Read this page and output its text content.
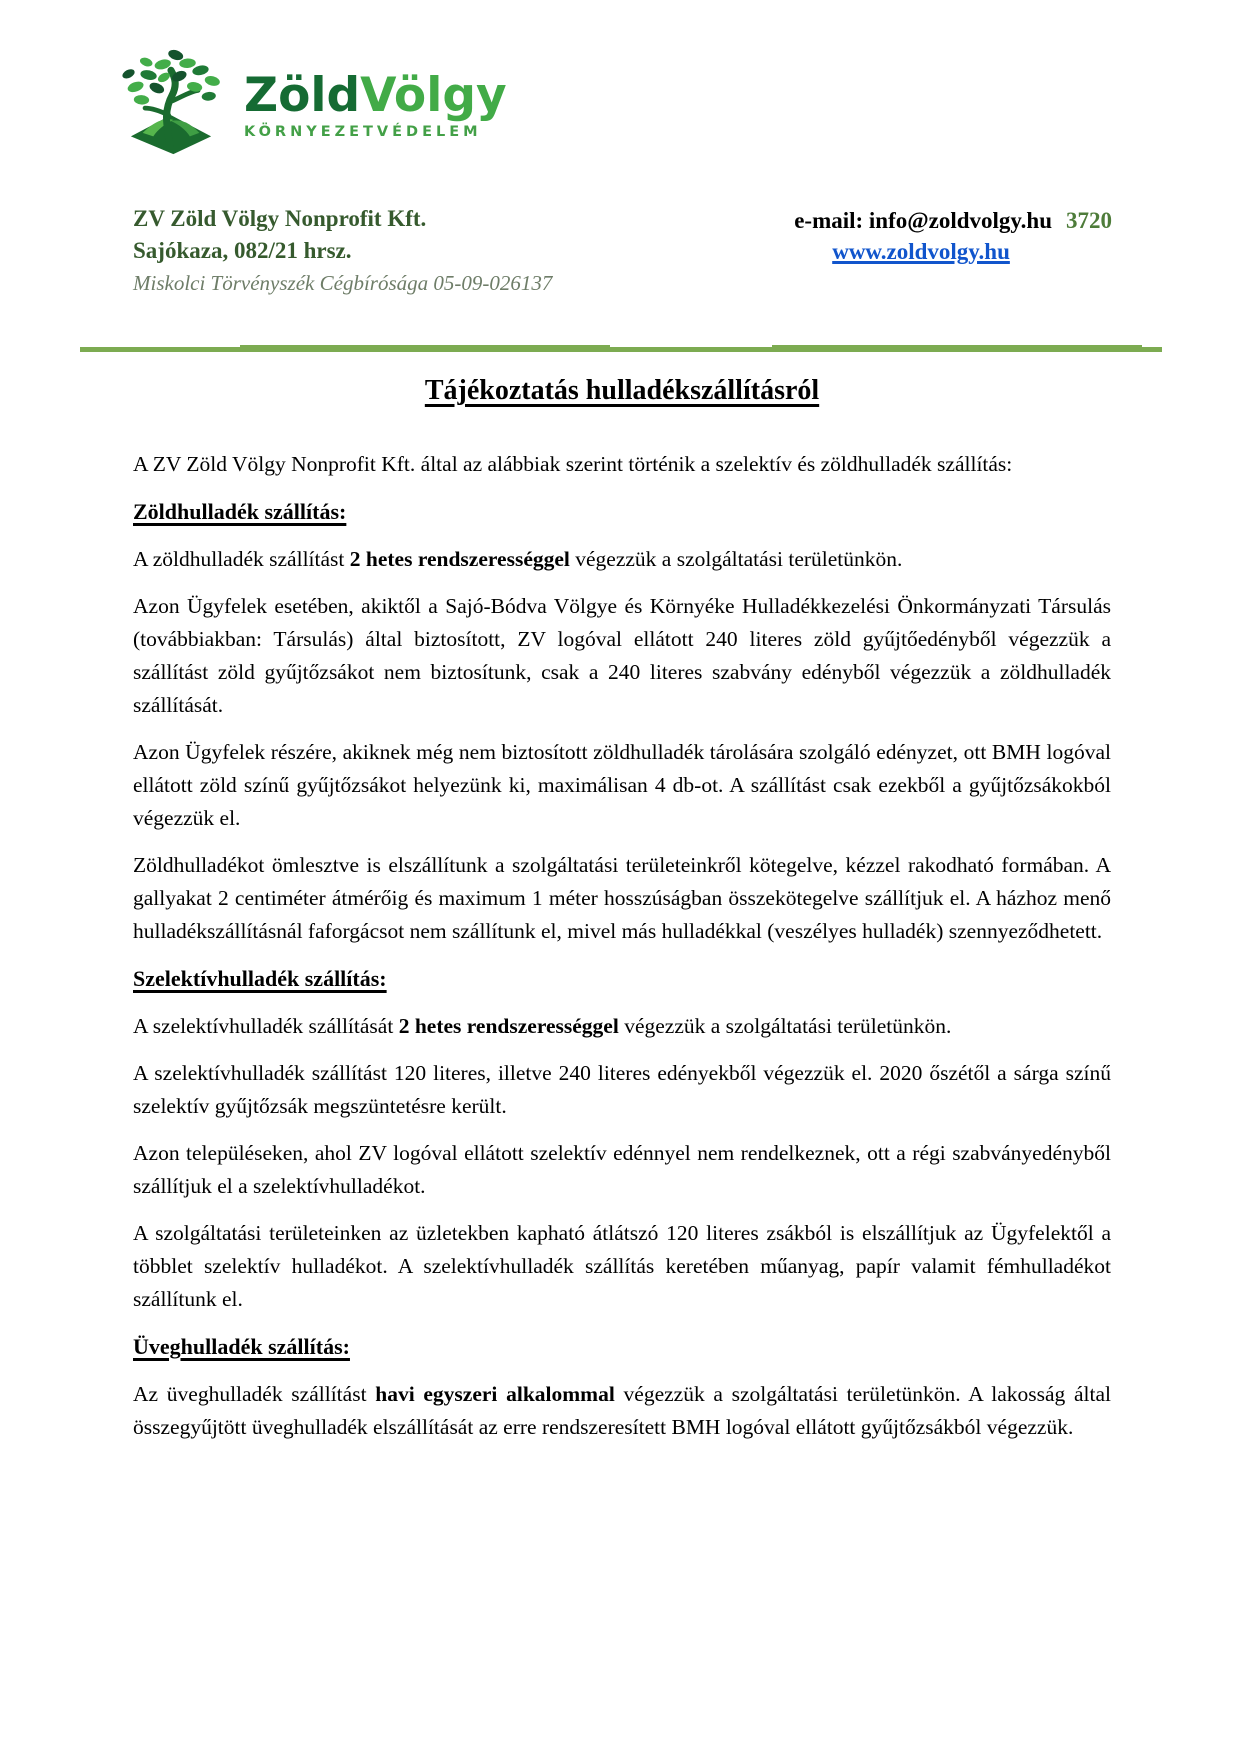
ZöldVölgy
KÖRNYEZETVÉDELEM
ZV Zöld Völgy Nonprofit Kft.
Sajókaza, 082/21 hrsz.
Miskolci Törvényszék Cégbírósága 05-09-026137
e-mail: info@zoldvolgy.hu 3720
www.zoldvolgy.hu
Tájékoztatás hulladékszállításról

A ZV Zöld Völgy Nonprofit Kft. által az alábbiak szerint történik a szelektív és zöldhulladék szállítás:

Zöldhulladék szállítás:

A zöldhulladék szállítást 2 hetes rendszerességgel végezzük a szolgáltatási területünkön.

Azon Ügyfelek esetében, akiktől a Sajó-Bódva Völgye és Környéke Hulladékkezelési Önkormányzati Társulás (továbbiakban: Társulás) által biztosított, ZV logóval ellátott 240 literes zöld gyűjtőedényből végezzük a szállítást zöld gyűjtőzsákot nem biztosítunk, csak a 240 literes szabvány edényből végezzük a zöldhulladék szállítását.

Azon Ügyfelek részére, akiknek még nem biztosított zöldhulladék tárolására szolgáló edényzet, ott BMH logóval ellátott zöld színű gyűjtőzsákot helyezünk ki, maximálisan 4 db-ot. A szállítást csak ezekből a gyűjtőzsákokból végezzük el.

Zöldhulladékot ömlesztve is elszállítunk a szolgáltatási területeinkről kötegelve, kézzel rakodható formában. A gallyakat 2 centiméter átmérőig és maximum 1 méter hosszúságban összekötegelve szállítjuk el. A házhoz menő hulladékszállításnál faforgácsot nem szállítunk el, mivel más hulladékkal (veszélyes hulladék) szennyeződhetett.

Szelektívhulladék szállítás:

A szelektívhulladék szállítását 2 hetes rendszerességgel végezzük a szolgáltatási területünkön.

A szelektívhulladék szállítást 120 literes, illetve 240 literes edényekből végezzük el. 2020 őszétől a sárga színű szelektív gyűjtőzsák megszüntetésre került.

Azon településeken, ahol ZV logóval ellátott szelektív edénnyel nem rendelkeznek, ott a régi szabványedényből szállítjuk el a szelektívhulladékot.

A szolgáltatási területeinken az üzletekben kapható átlátszó 120 literes zsákból is elszállítjuk az Ügyfelektől a többlet szelektív hulladékot. A szelektívhulladék szállítás keretében műanyag, papír valamit fémhulladékot szállítunk el.

Üveghulladék szállítás:

Az üveghulladék szállítást havi egyszeri alkalommal végezzük a szolgáltatási területünkön. A lakosság által összegyűjtött üveghulladék elszállítását az erre rendszeresített BMH logóval ellátott gyűjtőzsákból végezzük.
